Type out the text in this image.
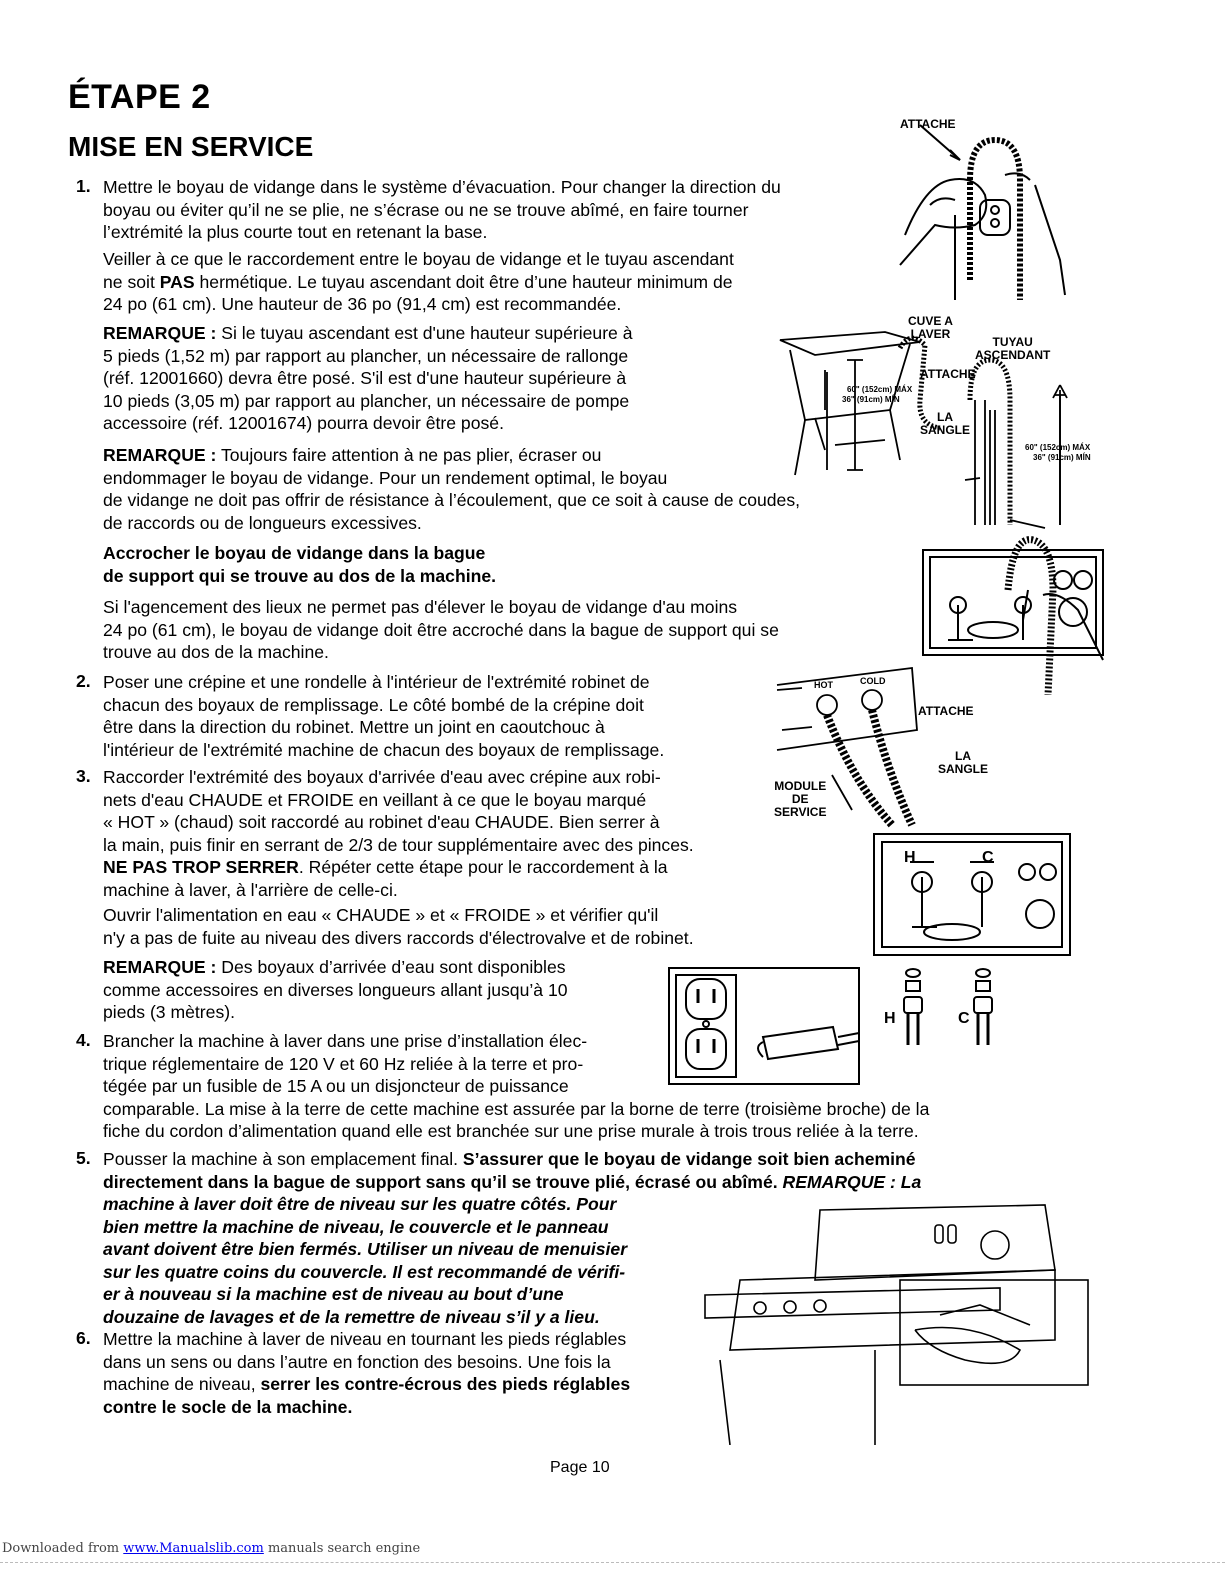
ÉTAPE 2
MISE EN SERVICE
1. Mettre le boyau de vidange dans le système d’évacuation. Pour changer la direction du
boyau ou éviter qu’il ne se plie, ne s’écrase ou ne se trouve abîmé, en faire tourner
l’extrémité la plus courte tout en retenant la base.
Veiller à ce que le raccordement entre le boyau de vidange et le tuyau ascendant
ne soit PAS hermétique. Le tuyau ascendant doit être d’une hauteur minimum de
24 po (61 cm). Une hauteur de 36 po (91,4 cm) est recommandée.
REMARQUE : Si le tuyau ascendant est d'une hauteur supérieure à
5 pieds (1,52 m) par rapport au plancher, un nécessaire de rallonge
(réf. 12001660) devra être posé. S'il est d'une hauteur supérieure à
10 pieds (3,05 m) par rapport au plancher, un nécessaire de pompe
accessoire (réf. 12001674) pourra devoir être posé.
REMARQUE : Toujours faire attention à ne pas plier, écraser ou
endommager le boyau de vidange. Pour un rendement optimal, le boyau
de vidange ne doit pas offrir de résistance à l’écoulement, que ce soit à cause de coudes,
de raccords ou de longueurs excessives.
Accrocher le boyau de vidange dans la bague
de support qui se trouve au dos de la machine.
Si l'agencement des lieux ne permet pas d'élever le boyau de vidange d'au moins
24 po (61 cm), le boyau de vidange doit être accroché dans la bague de support qui se
trouve au dos de la machine.
2. Poser une crépine et une rondelle à l'intérieur de l'extrémité robinet de
chacun des boyaux de remplissage. Le côté bombé de la crépine doit
être dans la direction du robinet. Mettre un joint en caoutchouc à
l'intérieur de l'extrémité machine de chacun des boyaux de remplissage.
3. Raccorder l'extrémité des boyaux d'arrivée d'eau avec crépine aux robi-
nets d'eau CHAUDE et FROIDE en veillant à ce que le boyau marqué
« HOT » (chaud) soit raccordé au robinet d'eau CHAUDE. Bien serrer à
la main, puis finir en serrant de 2/3 de tour supplémentaire avec des pinces.
NE PAS TROP SERRER. Répéter cette étape pour le raccordement à la
machine à laver, à l'arrière de celle-ci.
Ouvrir l'alimentation en eau « CHAUDE » et « FROIDE » et vérifier qu'il
n'y a pas de fuite au niveau des divers raccords d'électrovalve et de robinet.
REMARQUE : Des boyaux d’arrivée d’eau sont disponibles
comme accessoires en diverses longueurs allant jusqu’à 10
pieds (3 mètres).
4. Brancher la machine à laver dans une prise d’installation élec-
trique réglementaire de 120 V et 60 Hz reliée à la terre et pro-
tégée par un fusible de 15 A ou un disjoncteur de puissance
comparable. La mise à la terre de cette machine est assurée par la borne de terre (troisième broche) de la
fiche du cordon d’alimentation quand elle est branchée sur une prise murale à trois trous reliée à la terre.
5. Pousser la machine à son emplacement final. S’assurer que le boyau de vidange soit bien acheminé
directement dans la bague de support sans qu’il se trouve plié, écrasé ou abîmé. REMARQUE : La
machine à laver doit être de niveau sur les quatre côtés. Pour
bien mettre la machine de niveau, le couvercle et le panneau
avant doivent être bien fermés. Utiliser un niveau de menuisier
sur les quatre coins du couvercle. Il est recommandé de vérifi-
er à nouveau si la machine est de niveau au bout d’une
douzaine de lavages et de la remettre de niveau s’il y a lieu.
6. Mettre la machine à laver de niveau en tournant les pieds réglables
dans un sens ou dans l’autre en fonction des besoins. Une fois la
machine de niveau, serrer les contre-écrous des pieds réglables
contre le socle de la machine.
ATTACHE
60" (152cm) MÁX
36" (91cm) MÍN
60" (152cm) MÁX
36" (91cm) MÍN
CUVE A
LAVER
TUYAU
ASCENDANT
ATTACHE
LA
SANGLE
HOT	COLD
ATTACHE
LA
SANGLE
MODULE
DE
SERVICE
H	C
H	C
Page 10
Downloaded from www.Manualslib.com manuals search engine
